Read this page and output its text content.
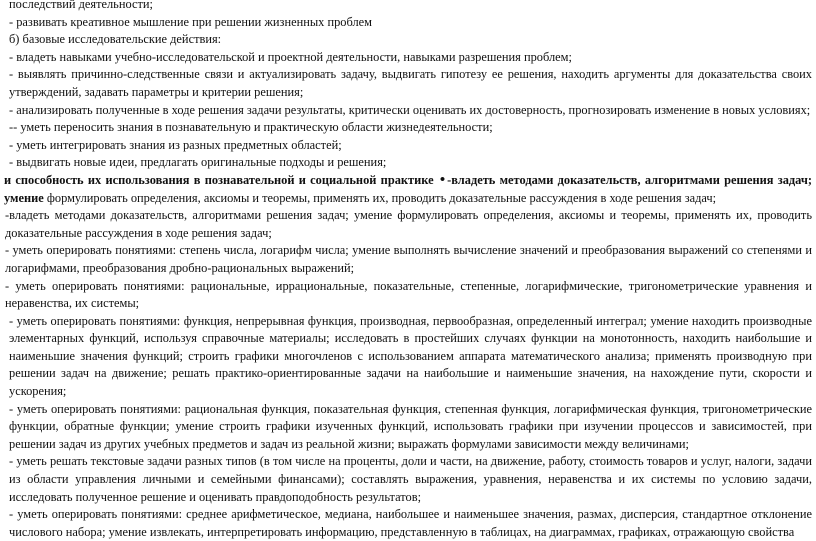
последствий деятельности;

- развивать креативное мышление при решении жизненных проблем

б) базовые исследовательские действия:

- владеть навыками учебно-исследовательской и проектной деятельности, навыками разрешения проблем;

- выявлять причинно-следственные связи и актуализировать задачу, выдвигать гипотезу ее решения, находить аргументы для доказательства своих утверждений, задавать параметры и критерии решения;

- анализировать полученные в ходе решения задачи результаты, критически оценивать их достоверность, прогнозировать изменение в новых условиях;

-- уметь переносить знания в познавательную и практическую области жизнедеятельности;

- уметь интегрировать знания из разных предметных областей;

- выдвигать новые идеи, предлагать оригинальные подходы и решения;

и способность их использования в познавательной и социальной практике • -владеть методами доказательств, алгоритмами решения задач; умение формулировать определения, аксиомы и теоремы, применять их, проводить доказательные рассуждения в ходе решения задач;

-владеть методами доказательств, алгоритмами решения задач; умение формулировать определения, аксиомы и теоремы, применять их, проводить доказательные рассуждения в ходе решения задач;

- уметь оперировать понятиями: степень числа, логарифм числа; умение выполнять вычисление значений и преобразования выражений со степенями и логарифмами, преобразования дробно-рациональных выражений;

- уметь оперировать понятиями: рациональные, иррациональные, показательные, степенные, логарифмические, тригонометрические уравнения и неравенства, их системы;

- уметь оперировать понятиями: функция, непрерывная функция, производная, первообразная, определенный интеграл; умение находить производные элементарных функций, используя справочные материалы; исследовать в простейших случаях функции на монотонность, находить наибольшие и наименьшие значения функций; строить графики многочленов с использованием аппарата математического анализа; применять производную при решении задач на движение; решать практико-ориентированные задачи на наибольшие и наименьшие значения, на нахождение пути, скорости и ускорения;

- уметь оперировать понятиями: рациональная функция, показательная функция, степенная функция, логарифмическая функция, тригонометрические функции, обратные функции; умение строить графики изученных функций, использовать графики при изучении процессов и зависимостей, при решении задач из других учебных предметов и задач из реальной жизни; выражать формулами зависимости между величинами;

- уметь решать текстовые задачи разных типов (в том числе на проценты, доли и части, на движение, работу, стоимость товаров и услуг, налоги, задачи из области управления личными и семейными финансами); составлять выражения, уравнения, неравенства и их системы по условию задачи, исследовать полученное решение и оценивать правдоподобность результатов;

- уметь оперировать понятиями: среднее арифметическое, медиана, наибольшее и наименьшее значения, размах, дисперсия, стандартное отклонение числового набора; умение извлекать, интерпретировать информацию, представленную в таблицах, на диаграммах, графиках, отражающую свойства
